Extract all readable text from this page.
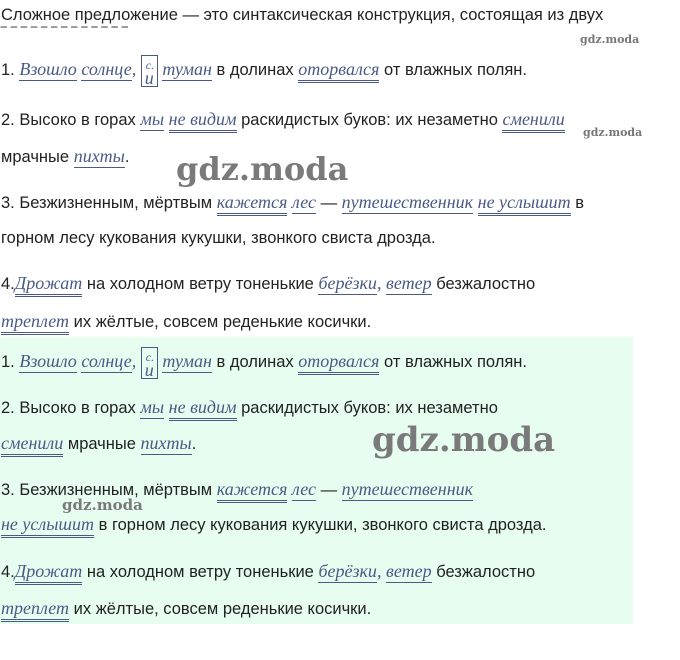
Сложное предложение — это синтаксическая конструкция, состоящая из двух
‾ ‾ ‾ ‾ ‾ ‾ ‾ ‾ ‾ ‾ ‾ ‾ ‾	gdz.moda
1. Взошло солнце, с.
и туман в долинах оторвался от влажных полян.
2. Высоко в горах мы не видим раскидистых буков: их незаметно сменили
gdz.moda
мрачные пихты. gdz.moda
3. Безжизненным, мёртвым кажется лес — путешественник не услышит в
горном лесу кукования кукушки, звонкого свиста дрозда.
4.Дрожат на холодном ветру тоненькие берёзки, ветер безжалостно
треплет их жёлтые, совсем реденькие косички.
1. Взошло солнце, с.
и туман в долинах оторвался от влажных полян.
2. Высоко в горах мы не видим раскидистых буков: их незаметно
сменили мрачные пихты.	gdz.moda
3. Безжизненным, мёртвым кажется лес — путешественник
gdz.moda
не услышит в горном лесу кукования кукушки, звонкого свиста дрозда.
4.Дрожат на холодном ветру тоненькие берёзки, ветер безжалостно
треплет их жёлтые, совсем реденькие косички.
